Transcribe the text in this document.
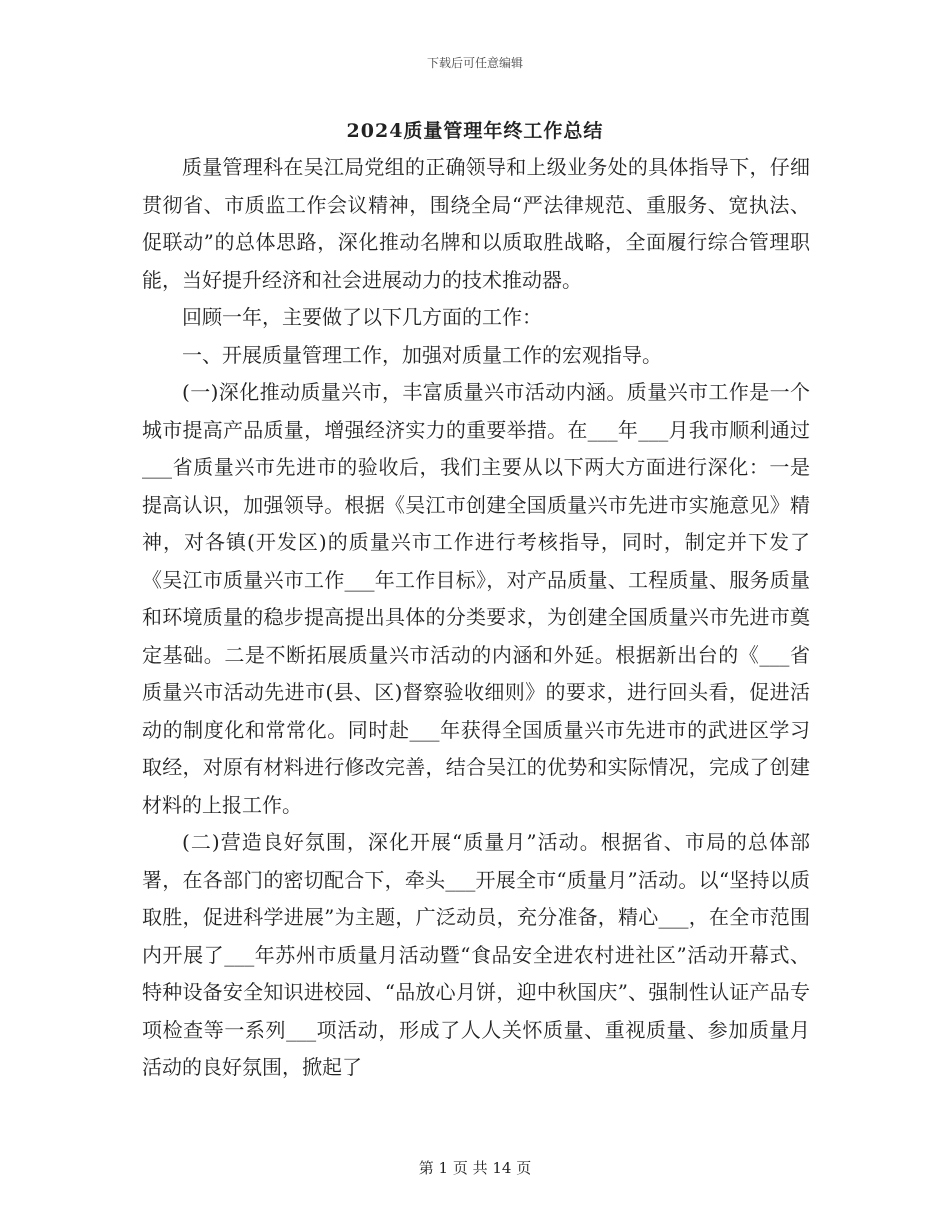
下载后可任意编辑
2024质量管理年终工作总结

质量管理科在吴江局党组的正确领导和上级业务处的具体指导下，仔细贯彻省、市质监工作会议精神，围绕全局“严法律规范、重服务、宽执法、促联动”的总体思路，深化推动名牌和以质取胜战略，全面履行综合管理职能，当好提升经济和社会进展动力的技术推动器。

回顾一年，主要做了以下几方面的工作：

一、开展质量管理工作，加强对质量工作的宏观指导。

(一)深化推动质量兴市，丰富质量兴市活动内涵。质量兴市工作是一个城市提高产品质量，增强经济实力的重要举措。在___年___月我市顺利通过___省质量兴市先进市的验收后，我们主要从以下两大方面进行深化：一是提高认识，加强领导。根据《吴江市创建全国质量兴市先进市实施意见》精神，对各镇(开发区)的质量兴市工作进行考核指导，同时，制定并下发了《吴江市质量兴市工作___年工作目标》，对产品质量、工程质量、服务质量和环境质量的稳步提高提出具体的分类要求，为创建全国质量兴市先进市奠定基础。二是不断拓展质量兴市活动的内涵和外延。根据新出台的《___省质量兴市活动先进市(县、区)督察验收细则》的要求，进行回头看，促进活动的制度化和常常化。同时赴___年获得全国质量兴市先进市的武进区学习取经，对原有材料进行修改完善，结合吴江的优势和实际情况，完成了创建材料的上报工作。

(二)营造良好氛围，深化开展“质量月”活动。根据省、市局的总体部署，在各部门的密切配合下，牵头___开展全市“质量月”活动。以“坚持以质取胜，促进科学进展”为主题，广泛动员，充分准备，精心___，在全市范围内开展了___年苏州市质量月活动暨“食品安全进农村进社区”活动开幕式、特种设备安全知识进校园、“品放心月饼，迎中秋国庆”、强制性认证产品专项检查等一系列___项活动，形成了人人关怀质量、重视质量、参加质量月活动的良好氛围，掀起了

第 1 页 共 14 页
